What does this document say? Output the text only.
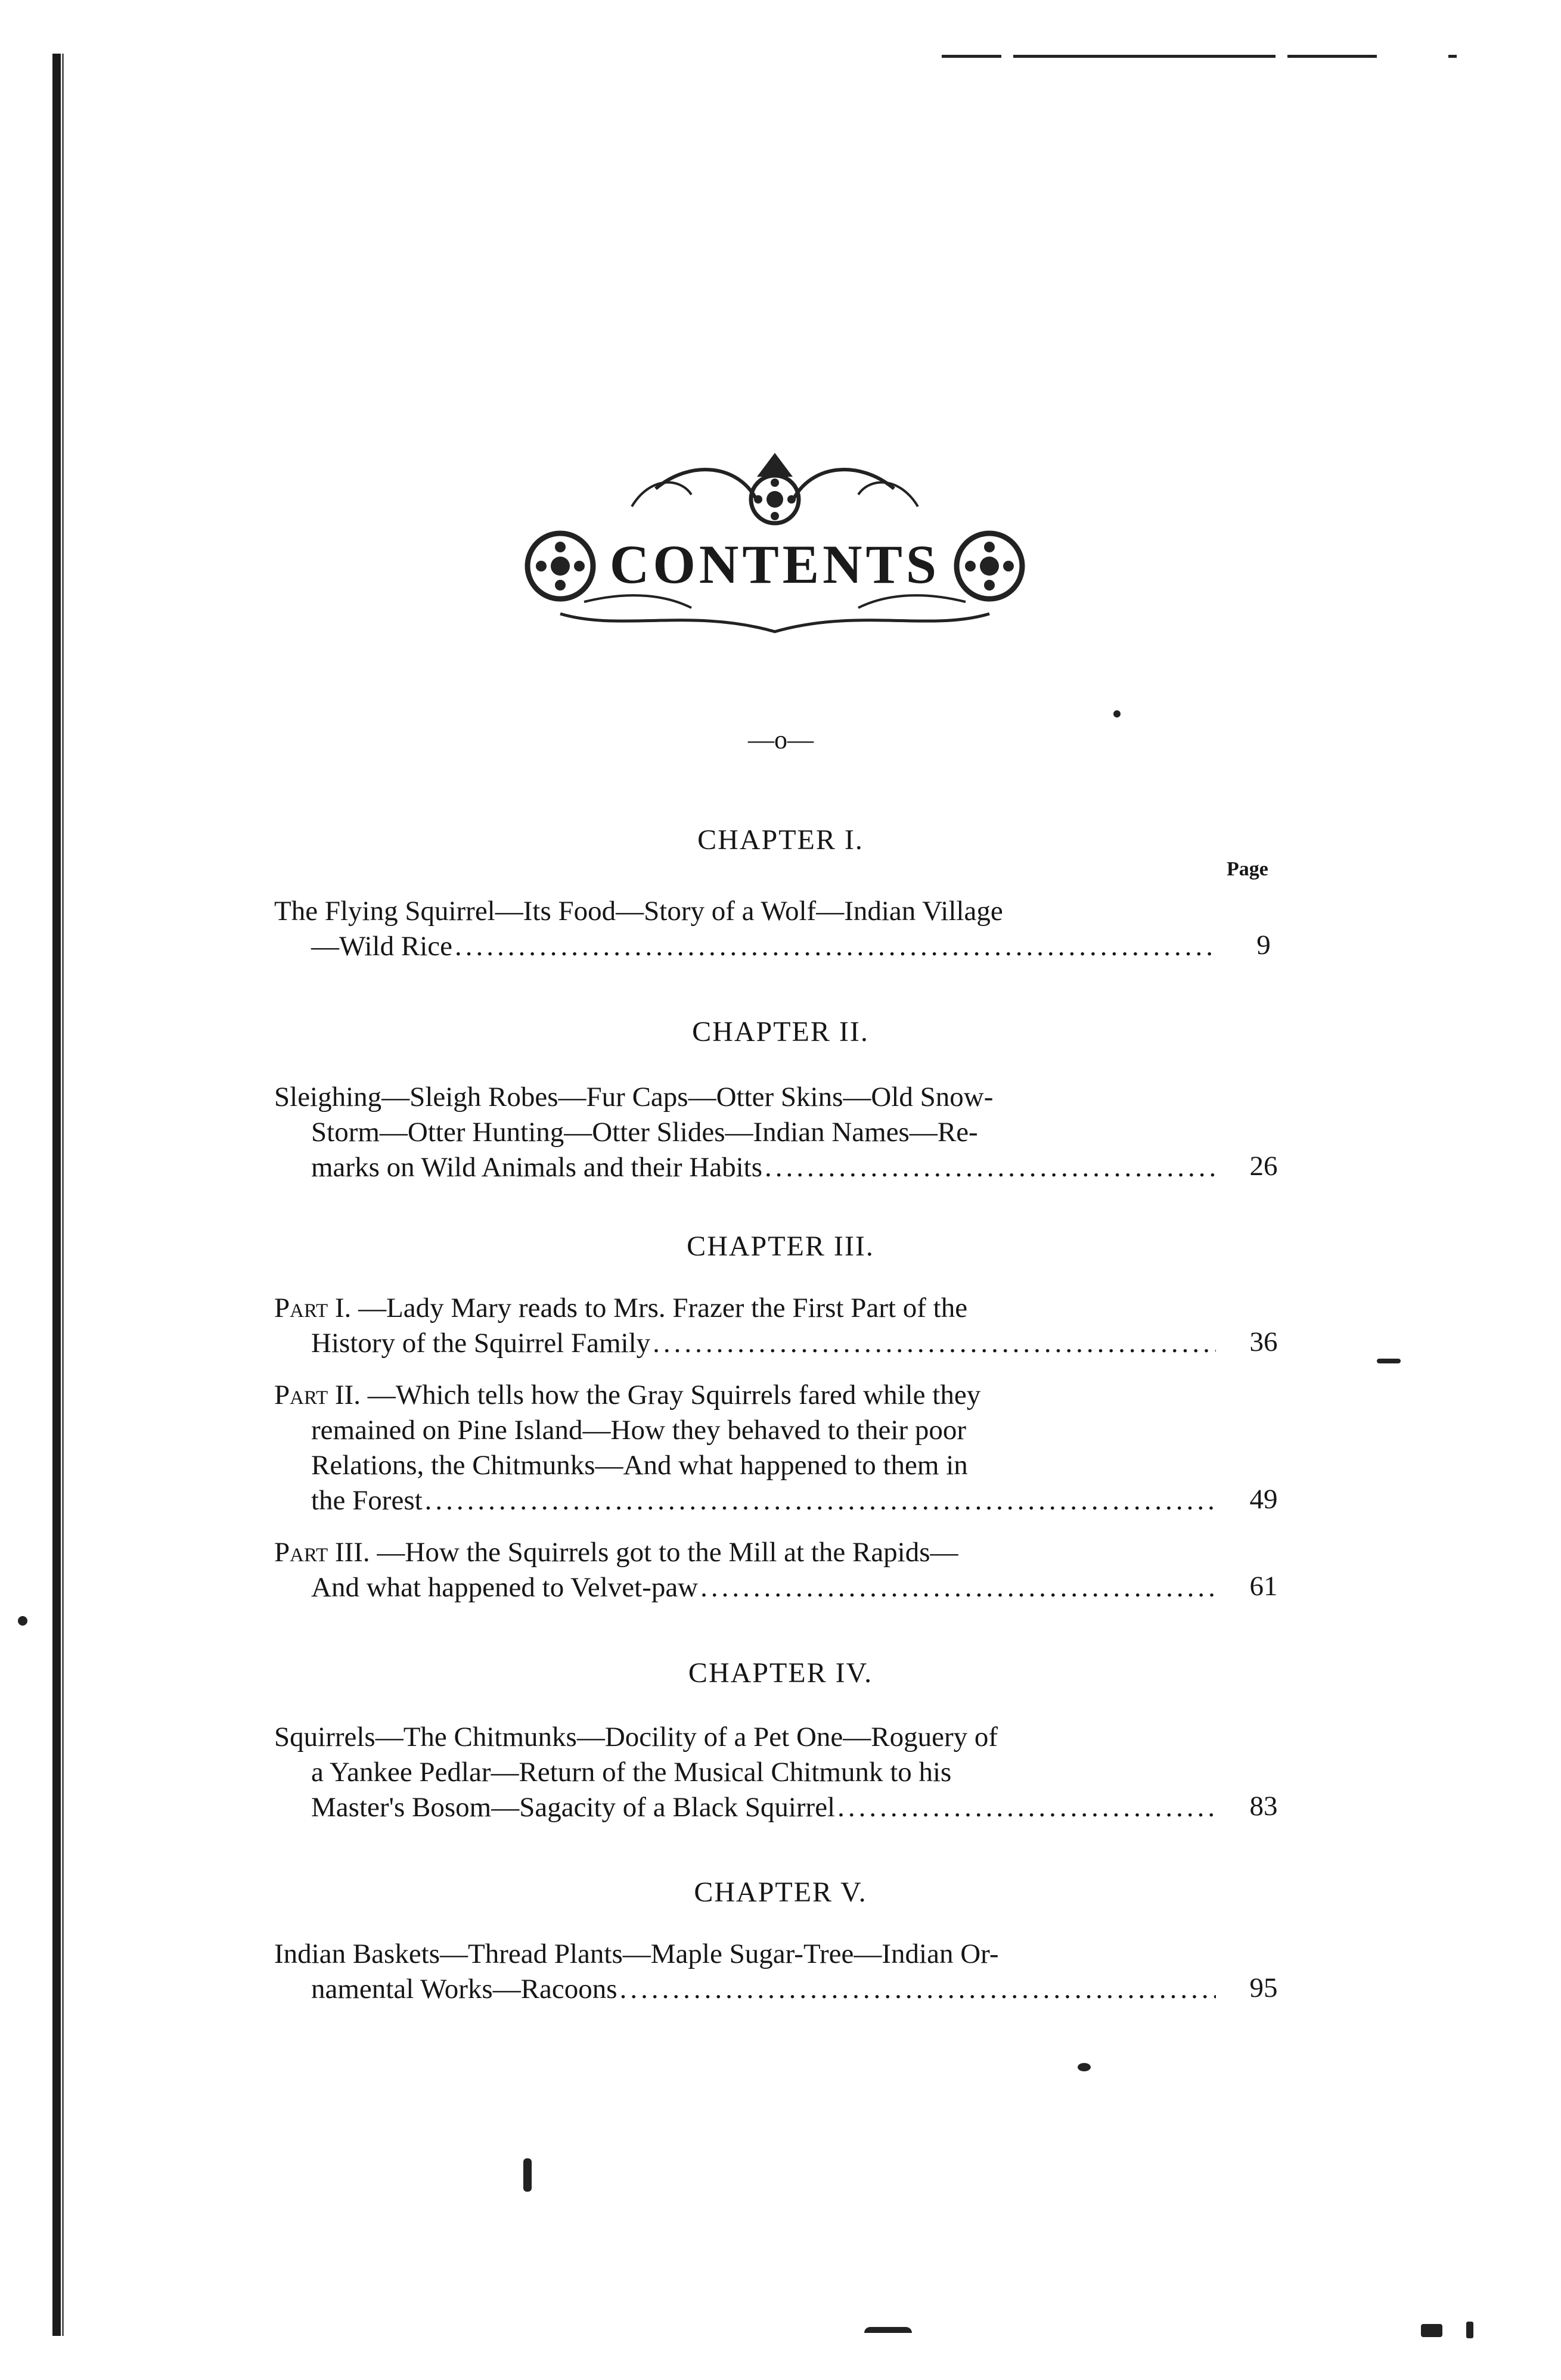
CONTENTS
—o—
Page
CHAPTER I.
The Flying Squirrel—Its Food—Story of a Wolf—Indian Village
—Wild Rice .....	9
CHAPTER II.
Sleighing—Sleigh Robes—Fur Caps—Otter Skins—Old Snow-
Storm—Otter Hunting—Otter Slides—Indian Names—Re-
marks on Wild Animals and their Habits .....	26
CHAPTER III.
Part I. —Lady Mary reads to Mrs. Frazer the First Part of the
History of the Squirrel Family .....	36
Part II. —Which tells how the Gray Squirrels fared while they
remained on Pine Island—How they behaved to their poor
Relations, the Chitmunks—And what happened to them in
the Forest .....	49
Part III. —How the Squirrels got to the Mill at the Rapids—
And what happened to Velvet-paw .....	61
CHAPTER IV.
Squirrels—The Chitmunks—Docility of a Pet One—Roguery of
a Yankee Pedlar—Return of the Musical Chitmunk to his
Master's Bosom—Sagacity of a Black Squirrel .....	83
CHAPTER V.
Indian Baskets—Thread Plants—Maple Sugar-Tree—Indian Or-
namental Works—Racoons .....	95
